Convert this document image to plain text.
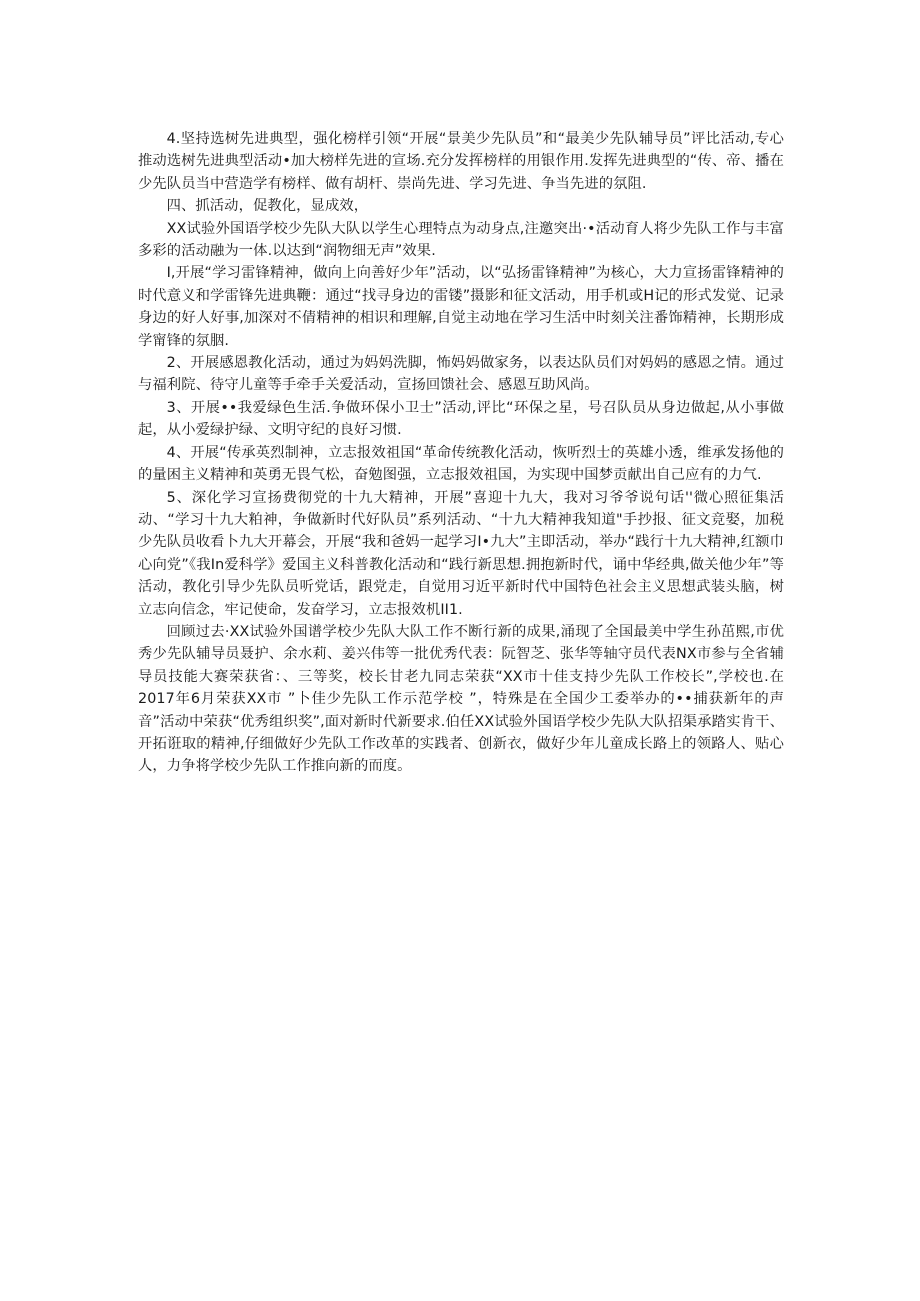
4.坚持选树先进典型，强化榜样引领“开展“景美少先队员”和“最美少先队辅导员”评比活动,专心推动选树先进典型活动•加大榜样先进的宣场.充分发挥榜样的用银作用.发挥先进典型的“传、帝、播在少先队员当中营造学有榜样、做有胡杆、崇尚先进、学习先进、争当先进的氛阻.

四、抓活动，促教化，显成效，

XX试验外国语学校少先队大队以学生心理特点为动身点,注邀突出·•活动育人将少先队工作与丰富多彩的活动融为一体.以达到“润物细无声”效果.

I,开展“学习雷锋精神，做向上向善好少年”活动，以“弘扬雷锋精神”为核心，大力宣扬雷锋精神的时代意义和学雷锋先进典鞭：通过“找寻身边的雷镂”摄影和征文活动，用手机或H记的形式发觉、记录身边的好人好事,加深对不倩精神的相识和理解,自觉主动地在学习生活中时刻关注番饰精神，长期形成学甯锋的氛胭.

2、开展感恩教化活动，通过为妈妈洗脚，怖妈妈做家务，以表达队员们对妈妈的感恩之情。通过与福利院、待守儿童等手牵手关爱活动，宣扬回馈社会、感恩互助风尚。

3、开展••我爱绿色生活.争做环保小卫士”活动,评比“环保之星，号召队员从身边做起,从小事做起，从小爱绿护绿、文明守纪的良好习惯.

4、开展“传承英烈制神，立志报效祖国“革命传统教化活动，恢听烈士的英雄小透，维承发扬他的的量困主义精神和英勇无畏气松，奋勉图强，立志报效祖国，为实现中国梦贡献出自己应有的力气.

5、深化学习宣扬费彻党的十九大精神，开展”喜迎十九大，我对习爷爷说句话''微心照征集活动、“学习十九大粕神，争做新时代好队员”系列活动、“十九大精神我知道"手抄报、征文竞娶，加税少先队员收看卜九大开幕会，开展“我和爸妈一起学习I•九大”主即活动，举办“践行十九大精神,红额巾心向党”《我In爱科学》爱国主义科普教化活动和“践行新思想.拥抱新时代，诵中华经典,做关他少年”等活动，教化引导少先队员听党话，跟党走，自觉用习近平新时代中国特色社会主义思想武装头脑，树立志向信念，牢记使命，发奋学习，立志报效机II1.

回顾过去·XX试验外国谱学校少先队大队工作不断行新的成果,涌现了全国最美中学生孙茁熙,市优秀少先队辅导员聂护、余水莉、姜兴伟等一批优秀代表：阮智芝、张华等轴守员代表NX市参与全省辅导员技能大赛荣获省：、三等奖，校长甘老九同志荣获“XX市十佳支持少先队工作校长”,学校也.在2017年6月荣获XX市 ”卜佳少先队工作示范学校 ”，特殊是在全国少工委举办的••捕获新年的声音”活动中荣获“优秀组织奖”,面对新时代新要求.伯任XX试验外国语学校少先队大队招渠承踏实肯干、开拓诳取的精神,仔细做好少先队工作改革的实践者、创新衣，做好少年儿童成长路上的领路人、贴心人，力争将学校少先队工作推向新的而度。
